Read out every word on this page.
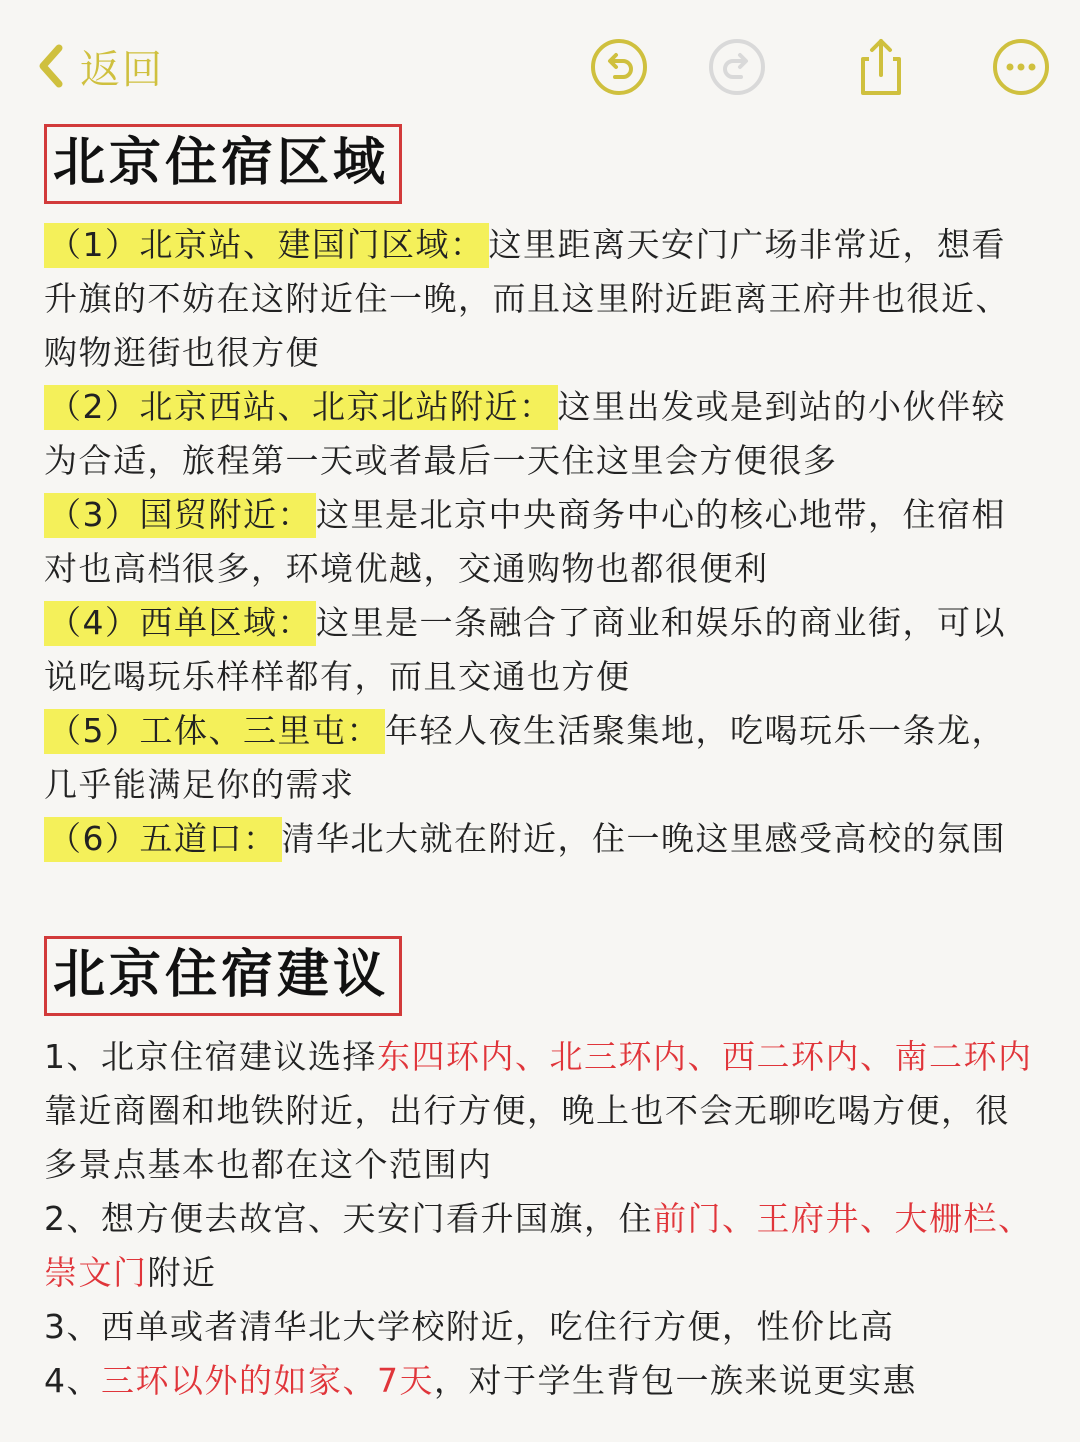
返回
北京住宿区域

（1）北京站、建国门区域： 这里距离天安门广场非常近，想看升旗的不妨在这附近住一晚，而且这里附近距离王府井也很近、购物逛街也很方便

（2）北京西站、北京北站附近： 这里出发或是到站的小伙伴较为合适，旅程第一天或者最后一天住这里会方便很多

（3）国贸附近： 这里是北京中央商务中心的核心地带，住宿相对也高档很多，环境优越，交通购物也都很便利

（4）西单区域： 这里是一条融合了商业和娱乐的商业街，可以说吃喝玩乐样样都有，而且交通也方便

（5）工体、三里屯： 年轻人夜生活聚集地，吃喝玩乐一条龙，几乎能满足你的需求

（6）五道口： 清华北大就在附近，住一晚这里感受高校的氛围

北京住宿建议

1、北京住宿建议选择东四环内、北三环内、西二环内、南二环内靠近商圈和地铁附近，出行方便，晚上也不会无聊吃喝方便，很多景点基本也都在这个范围内

2、想方便去故宫、天安门看升国旗，住前门、王府井、大栅栏、崇文门附近

3、西单或者清华北大学校附近，吃住行方便，性价比高

4、三环以外的如家、7天，对于学生背包一族来说更实惠
